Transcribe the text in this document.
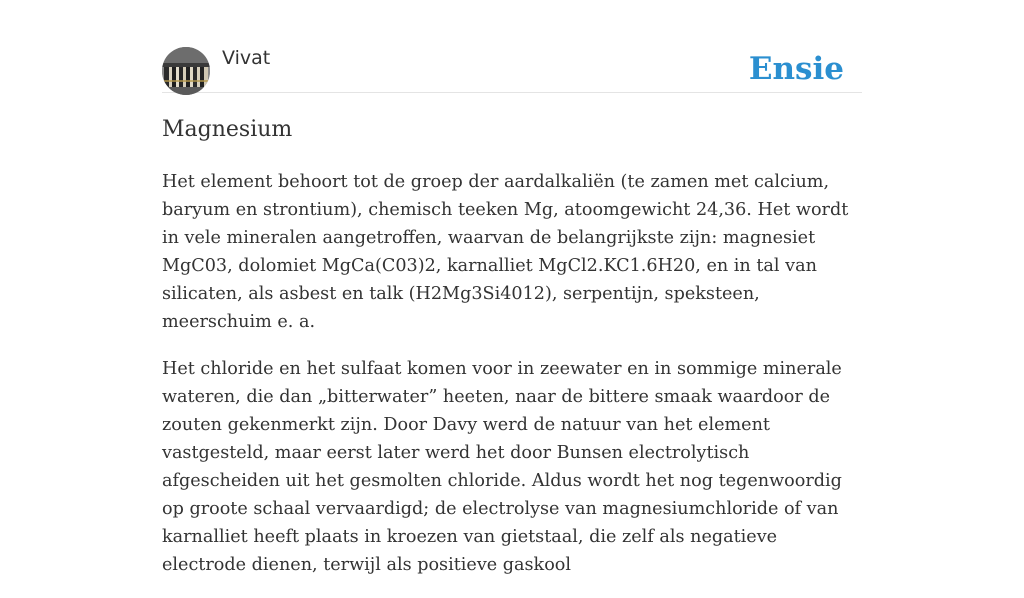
Vivat	Ensie
Magnesium

Het element behoort tot de groep der aardalkaliën (te zamen met calcium, baryum en strontium), chemisch teeken Mg, atoomgewicht 24,36. Het wordt in vele mineralen aangetroffen, waarvan de belangrijkste zijn: magnesiet MgC03, dolomiet MgCa(C03)2, karnalliet MgCl2.KC1.6H20, en in tal van silicaten, als asbest en talk (H2Mg3Si4012), serpentijn, speksteen, meerschuim e. a.

Het chloride en het sulfaat komen voor in zeewater en in sommige minerale wateren, die dan „bitterwater” heeten, naar de bittere smaak waardoor de zouten gekenmerkt zijn. Door Davy werd de natuur van het element vastgesteld, maar eerst later werd het door Bunsen electrolytisch afgescheiden uit het gesmolten chloride. Aldus wordt het nog tegenwoordig op groote schaal vervaardigd; de electrolyse van magnesiumchloride of van karnalliet heeft plaats in kroezen van gietstaal, die zelf als negatieve electrode dienen, terwijl als positieve gaskool
